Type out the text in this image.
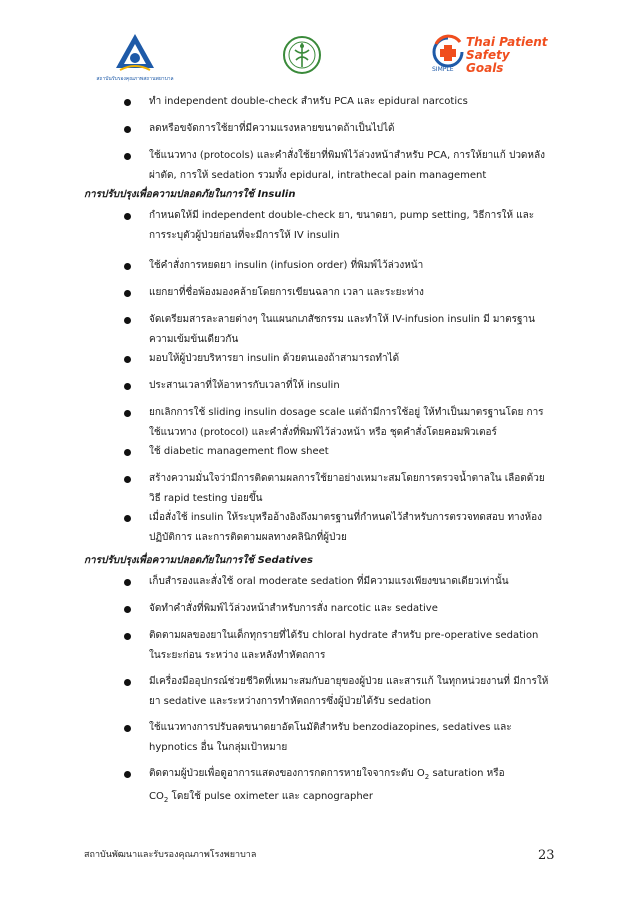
สถาบันรับรองคุณภาพสถานพยาบาล
SIMPLE
Thai Patient
Safety Goals
ทำ independent double-check สำหรับ PCA และ epidural narcotics
ลดหรือขจัดการใช้ยาที่มีความแรงหลายขนาดถ้าเป็นไปได้
ใช้แนวทาง (protocols) และคำสั่งใช้ยาที่พิมพ์ไว้ล่วงหน้าสำหรับ PCA, การให้ยาแก้ ปวดหลังผ่าตัด, การให้ sedation รวมทั้ง epidural, intrathecal pain management
การปรับปรุงเพื่อความปลอดภัยในการใช้ Insulin
กำหนดให้มี independent double-check ยา, ขนาดยา, pump setting, วิธีการให้ และ การระบุตัวผู้ป่วยก่อนที่จะมีการให้ IV insulin
ใช้คำสั่งการหยดยา insulin (infusion order) ที่พิมพ์ไว้ล่วงหน้า
แยกยาที่ชื่อพ้องมองคล้ายโดยการเขียนฉลาก เวลา และระยะห่าง
จัดเตรียมสารละลายต่างๆ ในแผนกเภสัชกรรม และทำให้ IV-infusion insulin มี มาตรฐานความเข้มข้นเดียวกัน
มอบให้ผู้ป่วยบริหารยา insulin ด้วยตนเองถ้าสามารถทำได้
ประสานเวลาที่ให้อาหารกับเวลาที่ให้ insulin
ยกเลิกการใช้ sliding insulin dosage scale แต่ถ้ามีการใช้อยู่ ให้ทำเป็นมาตรฐานโดย การใช้แนวทาง (protocol) และคำสั่งที่พิมพ์ไว้ล่วงหน้า หรือ ชุดคำสั่งโดยคอมพิวเตอร์
ใช้ diabetic management flow sheet
สร้างความมั่นใจว่ามีการติดตามผลการใช้ยาอย่างเหมาะสมโดยการตรวจน้ำตาลใน เลือดด้วยวิธี rapid testing บ่อยขึ้น
เมื่อสั่งใช้ insulin ให้ระบุหรืออ้างอิงถึงมาตรฐานที่กำหนดไว้สำหรับการตรวจทดสอบ ทางห้องปฏิบัติการ และการติดตามผลทางคลินิกที่ผู้ป่วย
การปรับปรุงเพื่อความปลอดภัยในการใช้ Sedatives
เก็บสำรองและสั่งใช้ oral moderate sedation ที่มีความแรงเพียงขนาดเดียวเท่านั้น
จัดทำคำสั่งที่พิมพ์ไว้ล่วงหน้าสำหรับการสั่ง narcotic และ sedative
ติดตามผลของยาในเด็กทุกรายที่ได้รับ chloral hydrate สำหรับ pre-operative sedation ในระยะก่อน ระหว่าง และหลังทำหัตถการ
มีเครื่องมืออุปกรณ์ช่วยชีวิตที่เหมาะสมกับอายุของผู้ป่วย และสารแก้ ในทุกหน่วยงานที่ มีการให้ยา sedative และระหว่างการทำหัตถการซึ่งผู้ป่วยได้รับ sedation
ใช้แนวทางการปรับลดขนาดยาอัตโนมัติสำหรับ benzodiazopines, sedatives และ hypnotics อื่น ในกลุ่มเป้าหมาย
ติดตามผู้ป่วยเพื่อดูอาการแสดงของการกดการหายใจจากระดับ $O_2$ saturation หรือ
$CO_2$ โดยใช้ pulse oximeter และ capnographer
สถาบันพัฒนาและรับรองคุณภาพโรงพยาบาล	23
